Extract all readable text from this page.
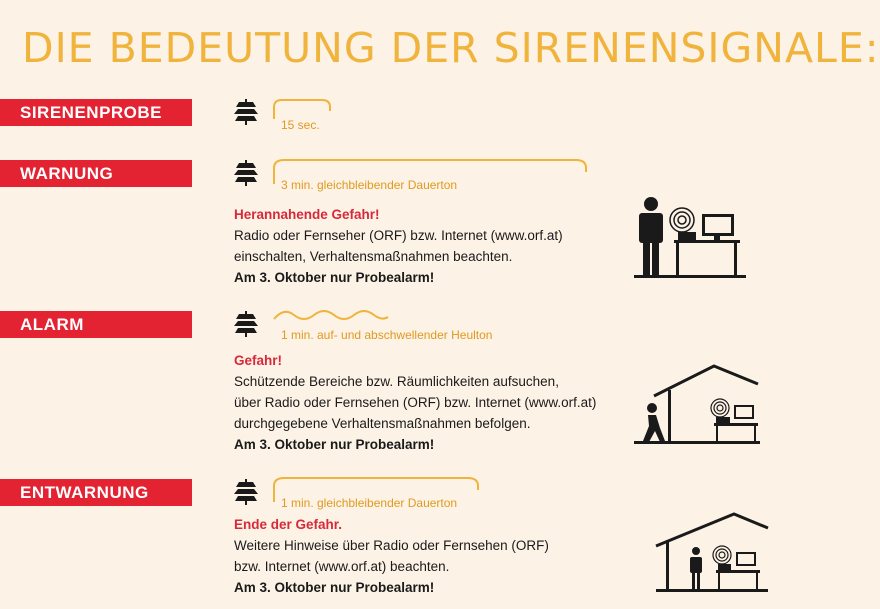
DIE BEDEUTUNG DER SIRENENSIGNALE:
SIRENENPROBE
15 sec.
WARNUNG
3 min. gleichbleibender Dauerton
Herannahende Gefahr!
Radio oder Fernseher (ORF) bzw. Internet (www.orf.at)
einschalten, Verhaltensmaßnahmen beachten.
Am 3. Oktober nur Probealarm!
ALARM
1 min. auf- und abschwellender Heulton
Gefahr!
Schützende Bereiche bzw. Räumlichkeiten aufsuchen,
über Radio oder Fernsehen (ORF) bzw. Internet (www.orf.at)
durchgegebene Verhaltensmaßnahmen befolgen.
Am 3. Oktober nur Probealarm!
ENTWARNUNG
1 min. gleichbleibender Dauerton
Ende der Gefahr.
Weitere Hinweise über Radio oder Fernsehen (ORF)
bzw. Internet (www.orf.at) beachten.
Am 3. Oktober nur Probealarm!
